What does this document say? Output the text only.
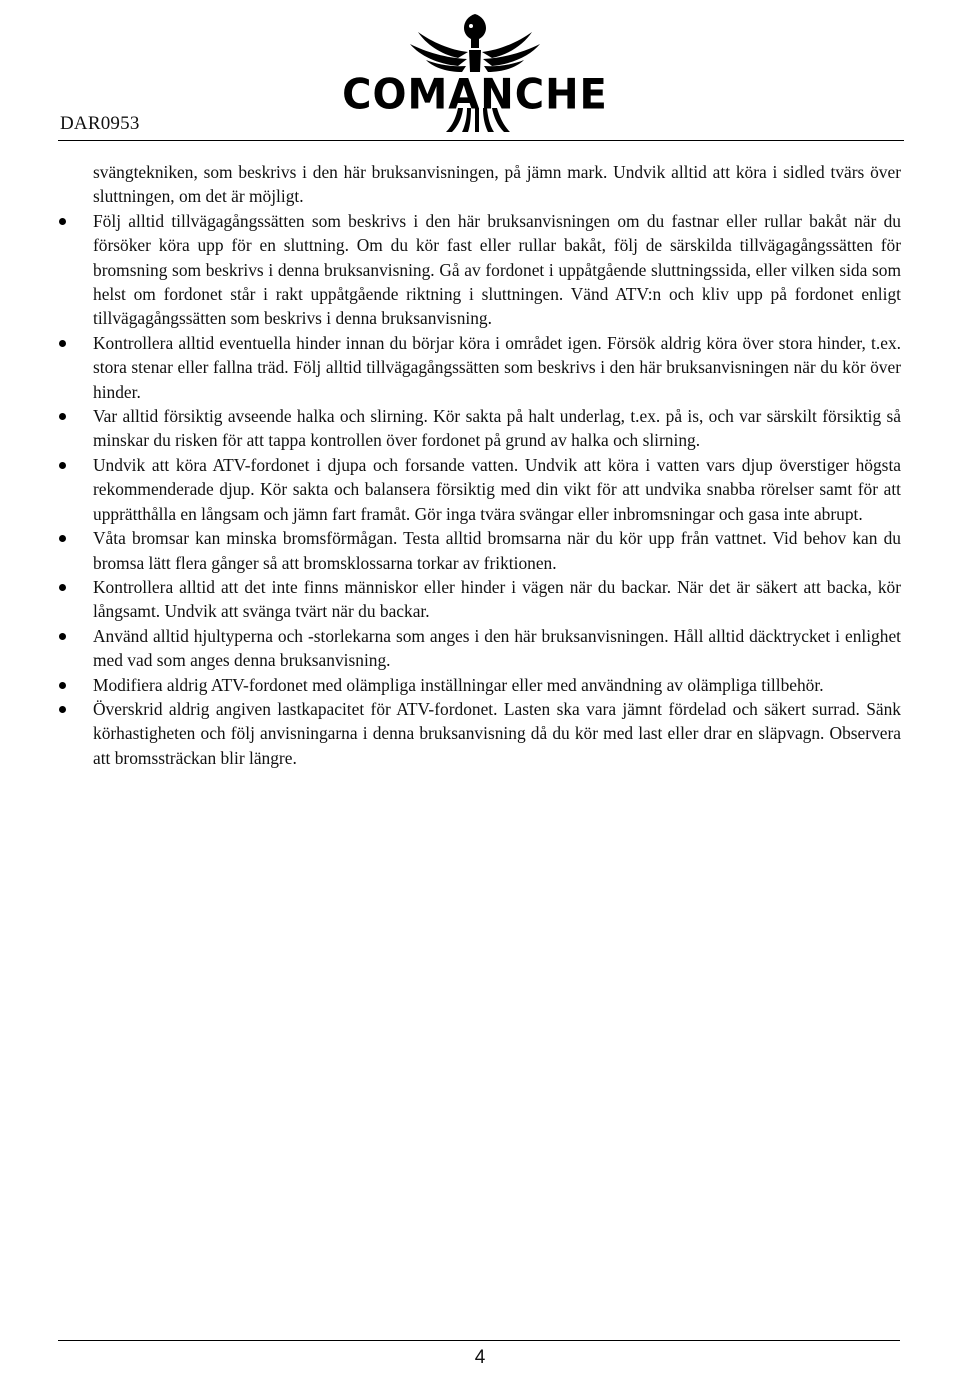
DAR0953
COMANCHE

svängtekniken, som beskrivs i den här bruksanvisningen, på jämn mark. Undvik alltid att köra i sidled tvärs över sluttningen, om det är möjligt.

Följ alltid tillvägagångssätten som beskrivs i den här bruksanvisningen om du fastnar eller rullar bakåt när du försöker köra upp för en sluttning. Om du kör fast eller rullar bakåt, följ de särskilda tillvägagångssätten för bromsning som beskrivs i denna bruksanvisning. Gå av fordonet i uppåtgående sluttningssida, eller vilken sida som helst om fordonet står i rakt uppåtgående riktning i sluttningen. Vänd ATV:n och kliv upp på fordonet enligt tillvägagångssätten som beskrivs i denna bruksanvisning.
Kontrollera alltid eventuella hinder innan du börjar köra i området igen. Försök aldrig köra över stora hinder, t.ex. stora stenar eller fallna träd. Följ alltid tillvägagångssätten som beskrivs i den här bruksanvisningen när du kör över hinder.
Var alltid försiktig avseende halka och slirning. Kör sakta på halt underlag, t.ex. på is, och var särskilt försiktig så minskar du risken för att tappa kontrollen över fordonet på grund av halka och slirning.
Undvik att köra ATV-fordonet i djupa och forsande vatten. Undvik att köra i vatten vars djup överstiger högsta rekommenderade djup. Kör sakta och balansera försiktig med din vikt för att undvika snabba rörelser samt för att upprätthålla en långsam och jämn fart framåt. Gör inga tvära svängar eller inbromsningar och gasa inte abrupt.
Våta bromsar kan minska bromsförmågan. Testa alltid bromsarna när du kör upp från vattnet. Vid behov kan du bromsa lätt flera gånger så att bromsklossarna torkar av friktionen.
Kontrollera alltid att det inte finns människor eller hinder i vägen när du backar. När det är säkert att backa, kör långsamt. Undvik att svänga tvärt när du backar.
Använd alltid hjultyperna och -storlekarna som anges i den här bruksanvisningen. Håll alltid däcktrycket i enlighet med vad som anges denna bruksanvisning.
Modifiera aldrig ATV-fordonet med olämpliga inställningar eller med användning av olämpliga tillbehör.
Överskrid aldrig angiven lastkapacitet för ATV-fordonet. Lasten ska vara jämnt fördelad och säkert surrad. Sänk körhastigheten och följ anvisningarna i denna bruksanvisning då du kör med last eller drar en släpvagn. Observera att bromssträckan blir längre.
4
